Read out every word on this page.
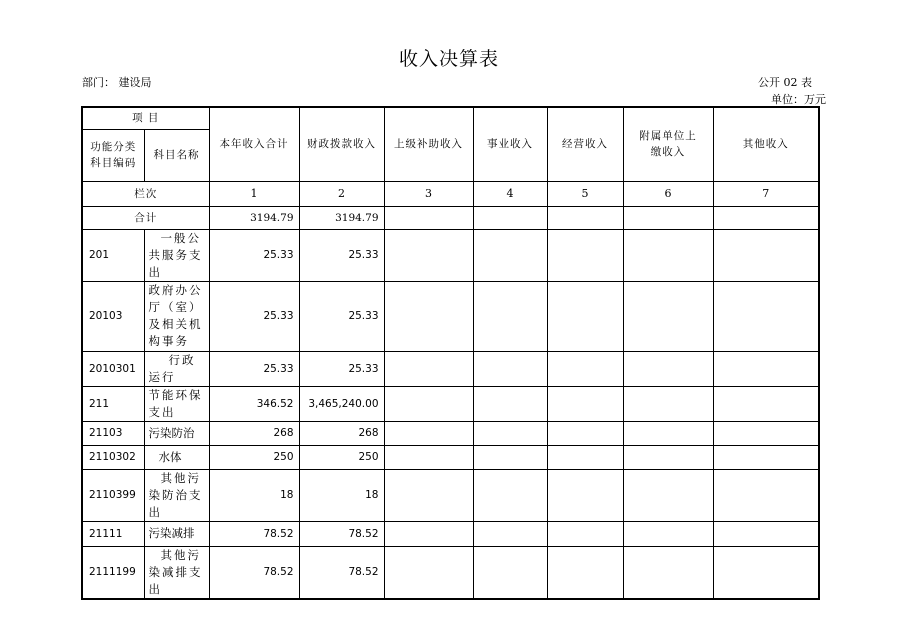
收入决算表
部门： 建设局	公开 02 表
单位：万元
项 目		本年收入合计	财政拨款收入	上级补助收入	事业收入	经营收入	附属单位上缴收入	其他收入

功能分类
科目编码	科目名称							
栏次		1	2	3	4	5	6	7
合计		3194.79	3194.79					
201	一般公共服务支出	25.33	25.33					
20103	政府办公厅（室）及相关机构事务	25.33	25.33					
2010301	行政运行	25.33	25.33					
211	节能环保支出	346.52	3,465,240.00					
21103	污染防治	268	268					
2110302	水体	250	250					
2110399	其他污染防治支出	18	18					
21111	污染减排	78.52	78.52					
2111199	其他污染减排支出	78.52	78.52					
